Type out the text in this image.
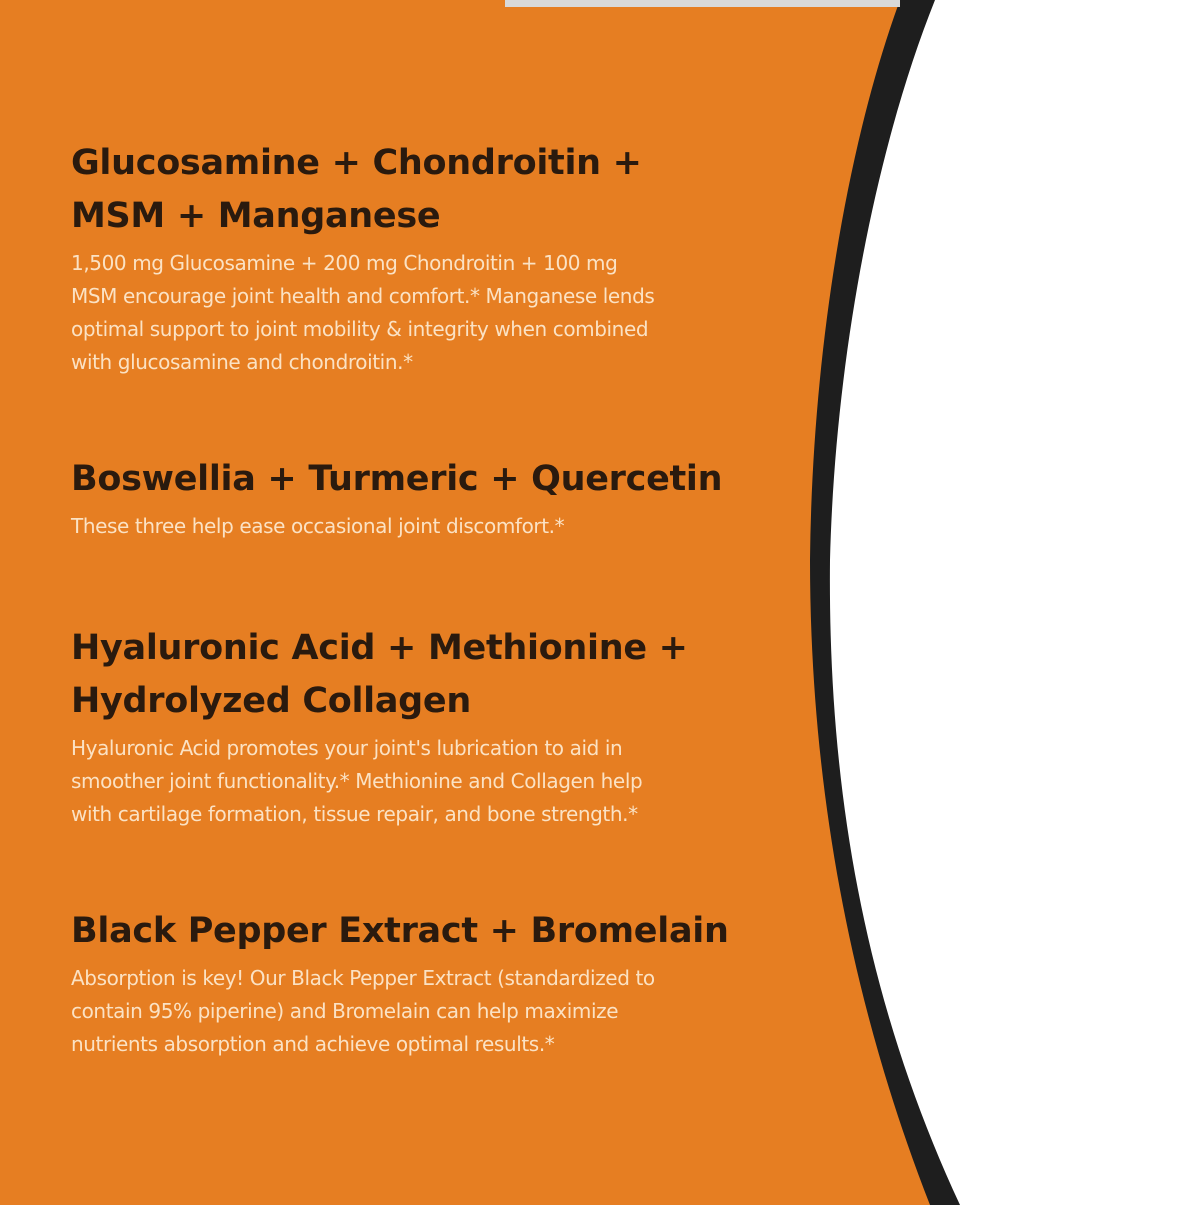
Glucosamine + Chondroitin +
MSM + Manganese

1,500 mg Glucosamine + 200 mg Chondroitin + 100 mg
MSM encourage joint health and comfort.* Manganese lends
optimal support to joint mobility & integrity when combined
with glucosamine and chondroitin.*

Boswellia + Turmeric + Quercetin

These three help ease occasional joint discomfort.*

Hyaluronic Acid + Methionine +
Hydrolyzed Collagen

Hyaluronic Acid promotes your joint's lubrication to aid in
smoother joint functionality.* Methionine and Collagen help
with cartilage formation, tissue repair, and bone strength.*

Black Pepper Extract + Bromelain

Absorption is key! Our Black Pepper Extract (standardized to
contain 95% piperine) and Bromelain can help maximize
nutrients absorption and achieve optimal results.*
